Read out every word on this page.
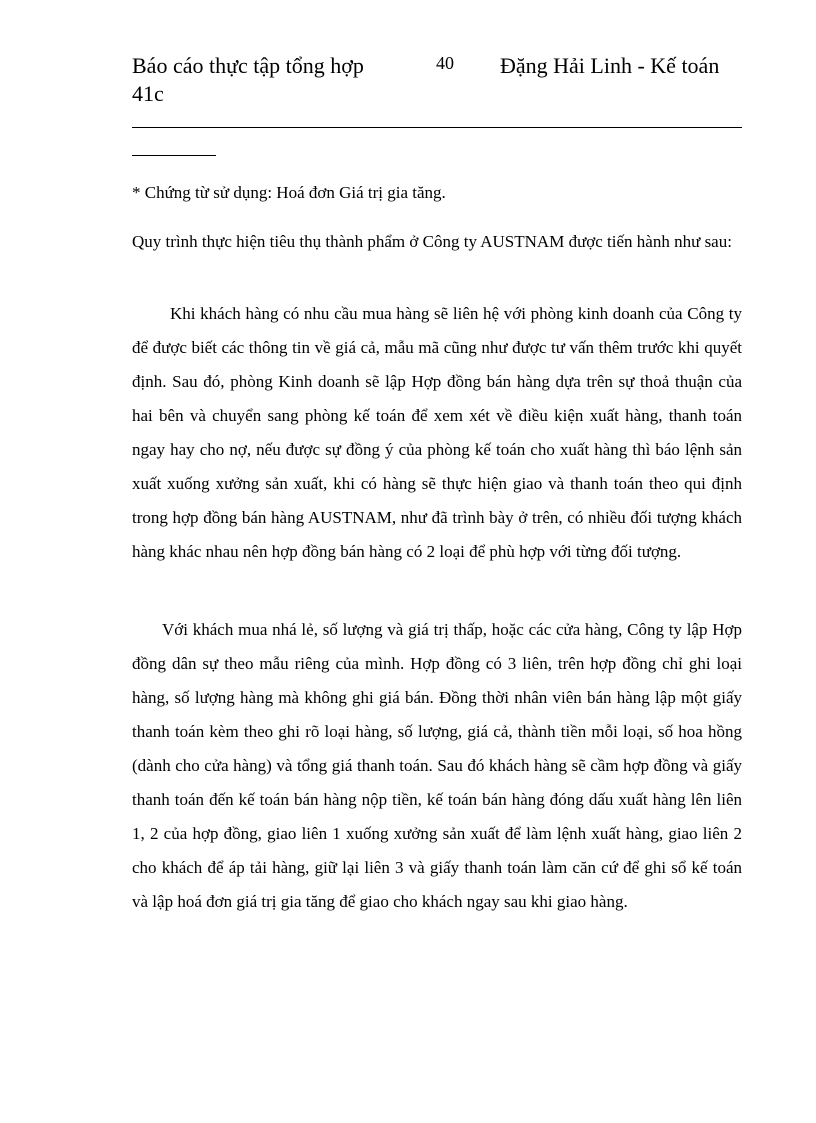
Báo cáo thực tập tổng hợp
41c
40 Đặng Hải Linh - Kế toán
* Chứng từ sử dụng: Hoá đơn Giá trị gia tăng.
Quy trình thực hiện tiêu thụ thành phẩm ở Công ty AUSTNAM được tiến hành như sau:
Khi khách hàng có nhu cầu mua hàng sẽ liên hệ với phòng kinh doanh của Công ty để được biết các thông tin về giá cả, mẫu mã cũng như được tư vấn thêm trước khi quyết định. Sau đó, phòng Kinh doanh sẽ lập Hợp đồng bán hàng dựa trên sự thoả thuận của hai bên và chuyển sang phòng kế toán để xem xét về điều kiện xuất hàng, thanh toán ngay hay cho nợ, nếu được sự đồng ý của phòng kế toán cho xuất hàng thì báo lệnh sản xuất xuống xưởng sản xuất, khi có hàng sẽ thực hiện giao và thanh toán theo qui định trong hợp đồng bán hàng AUSTNAM, như đã trình bày ở trên, có nhiều đối tượng khách hàng khác nhau nên hợp đồng bán hàng có 2 loại để phù hợp với từng đối tượng.
Với khách mua nhá lẻ, số lượng và giá trị thấp, hoặc các cửa hàng, Công ty lập Hợp đồng dân sự theo mẫu riêng của mình. Hợp đồng có 3 liên, trên hợp đồng chỉ ghi loại hàng, số lượng hàng mà không ghi giá bán. Đồng thời nhân viên bán hàng lập một giấy thanh toán kèm theo ghi rõ loại hàng, số lượng, giá cả, thành tiền mỗi loại, số hoa hồng (dành cho cửa hàng) và tổng giá thanh toán. Sau đó khách hàng sẽ cầm hợp đồng và giấy thanh toán đến kế toán bán hàng nộp tiền, kế toán bán hàng đóng dấu xuất hàng lên liên 1, 2 của hợp đồng, giao liên 1 xuống xưởng sản xuất để làm lệnh xuất hàng, giao liên 2 cho khách để áp tải hàng, giữ lại liên 3 và giấy thanh toán làm căn cứ để ghi sổ kế toán và lập hoá đơn giá trị gia tăng để giao cho khách ngay sau khi giao hàng.
